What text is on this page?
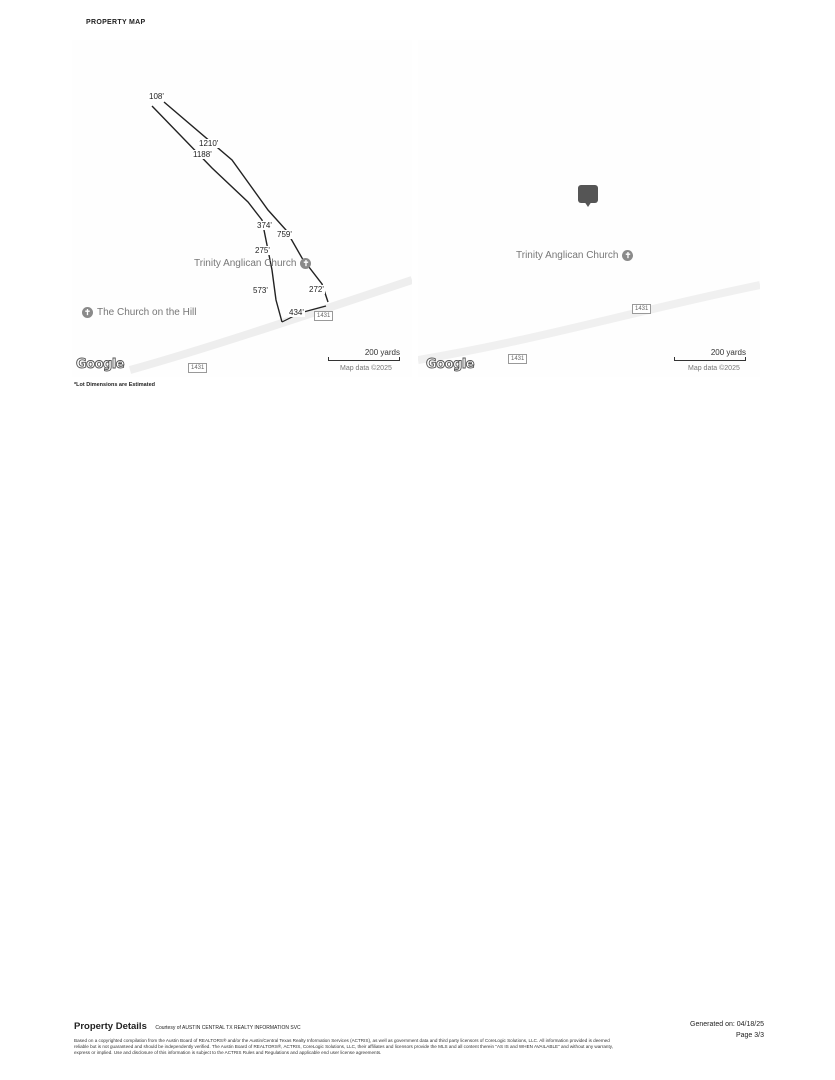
PROPERTY MAP
108'
1210'
1188'
374'
759'
275'
573'	272'
434'
Trinity Anglican Church ✝
✝ The Church on the Hill	1431
1431
Google
200 yards
Map data ©2025
Trinity Anglican Church ✝
1431
1431
Google
200 yards
Map data ©2025
*Lot Dimensions are Estimated
Property Details Courtesy of AUSTIN CENTRAL TX REALTY INFORMATION SVC
Based on a copyrighted compilation from the Austin Board of REALTORS® and/or the Austin/Central Texas Realty Information Services (ACTRIS), as well as government data and third party licensors of CoreLogic Solutions, LLC. All information provided is deemed reliable but is not guaranteed and should be independently verified. The Austin Board of REALTORS®, ACTRIS, CoreLogic Solutions, LLC, their affiliates and licensors provide the MLS and all content therein "AS IS and WHEN AVAILABLE" and without any warranty, express or implied. Use and disclosure of this information is subject to the ACTRIS Rules and Regulations and applicable end user license agreements.
Generated on: 04/18/25
Page 3/3
